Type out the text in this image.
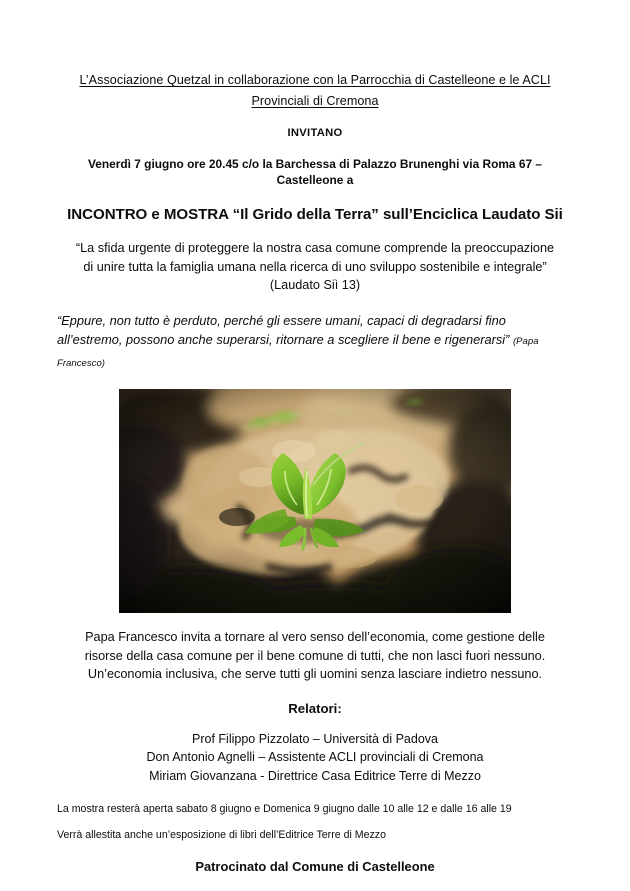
L’Associazione Quetzal in collaborazione con la Parrocchia di Castelleone e le ACLI
Provinciali di Cremona
INVITANO
Venerdì 7 giugno ore 20.45 c/o la Barchessa di Palazzo Brunenghi via Roma 67 – Castelleone a
INCONTRO e MOSTRA “Il Grido della Terra” sull’Enciclica Laudato Sii
“La sfida urgente di proteggere la nostra casa comune comprende la preoccupazione
di unire tutta la famiglia umana nella ricerca di uno sviluppo sostenibile e integrale”
(Laudato Siì 13)
“Eppure, non tutto è perduto, perché gli essere umani, capaci di degradarsi fino all’estremo, possono anche superarsi, ritornare a scegliere il bene e rigenerarsi” (Papa Francesco)
Papa Francesco invita a tornare al vero senso dell’economia, come gestione delle
risorse della casa comune per il bene comune di tutti, che non lasci fuori nessuno.
Un’economia inclusiva, che serve tutti gli uomini senza lasciare indietro nessuno.
Relatori:
Prof Filippo Pizzolato – Università di Padova
Don Antonio Agnelli – Assistente ACLI provinciali di Cremona
Miriam Giovanzana - Direttrice Casa Editrice Terre di Mezzo
La mostra resterà aperta sabato 8 giugno e Domenica 9 giugno dalle 10 alle 12 e dalle 16 alle 19
Verrà allestita anche un’esposizione di libri dell’Editrice Terre di Mezzo
Patrocinato dal Comune di Castelleone
